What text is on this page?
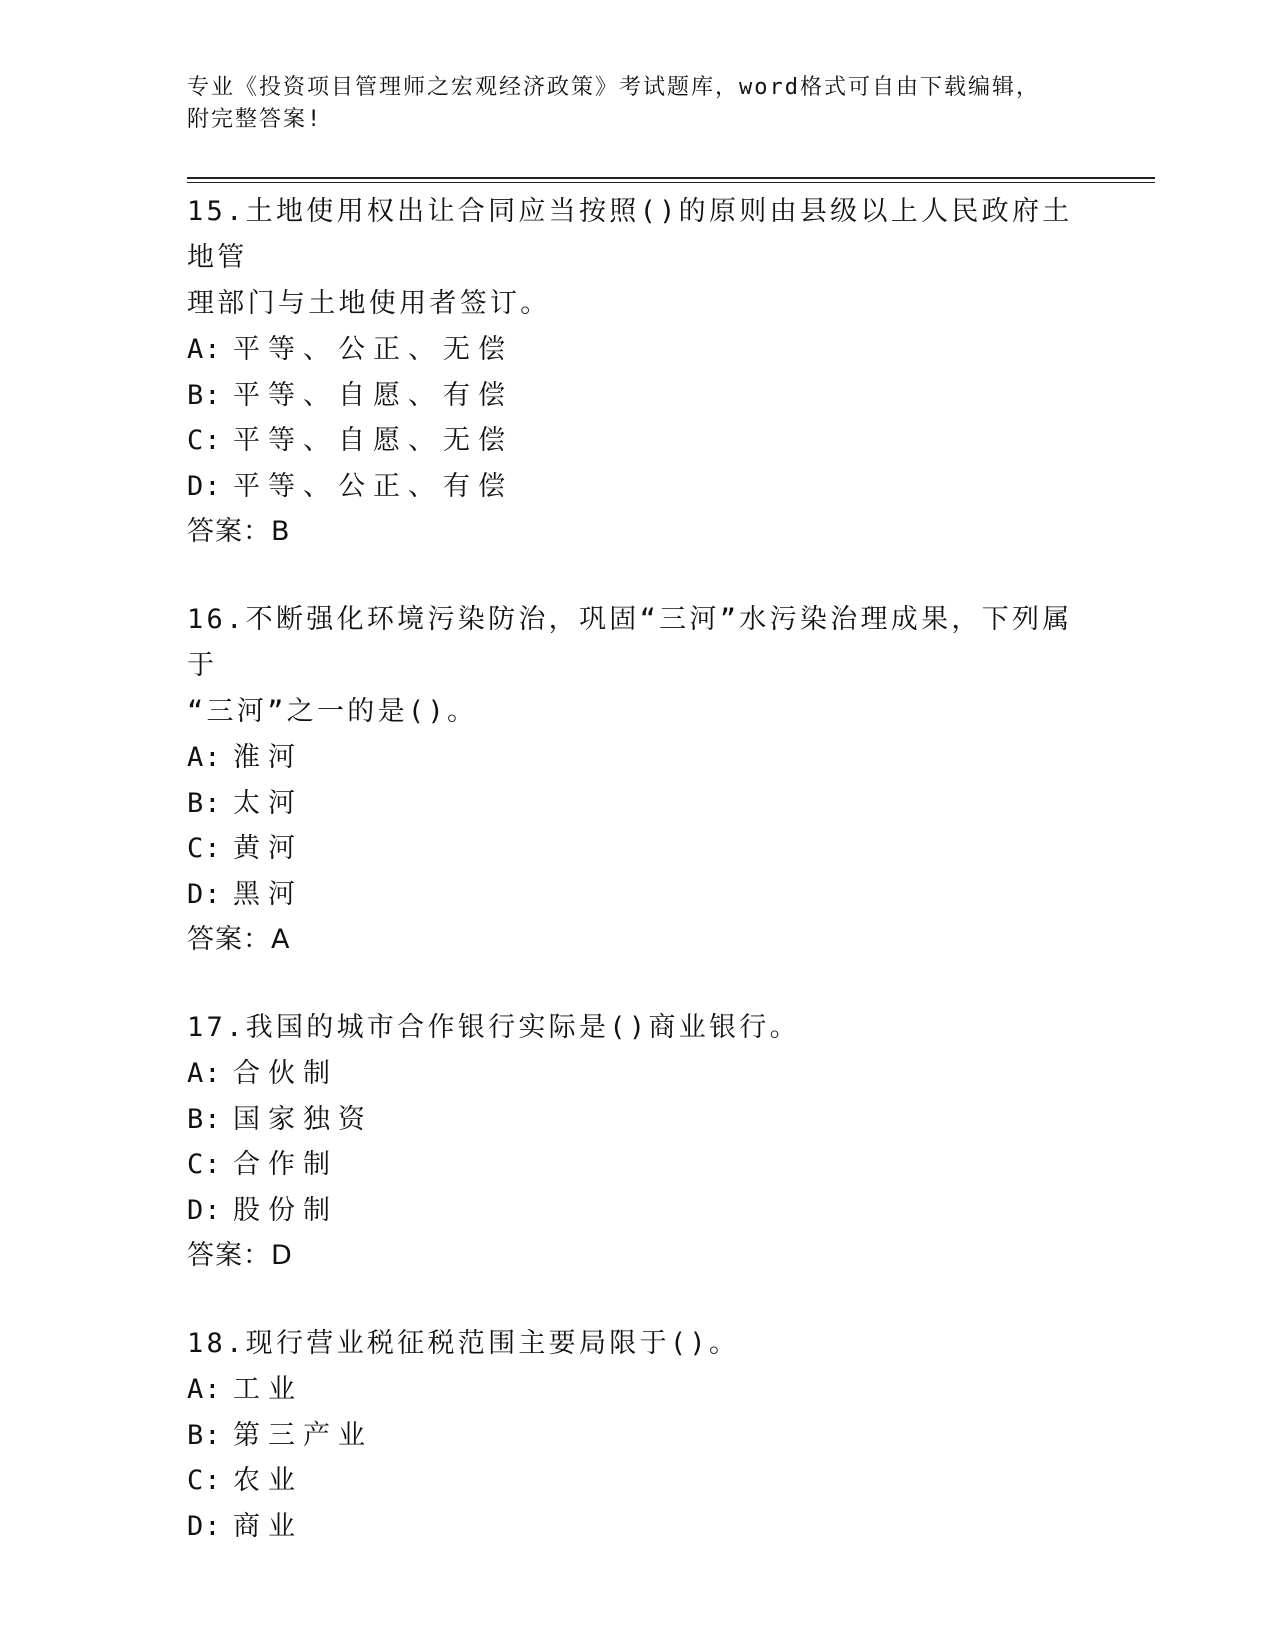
专业《投资项目管理师之宏观经济政策》考试题库，word格式可自由下载编辑，
附完整答案!

15.土地使用权出让合同应当按照()的原则由县级以上人民政府土地管

理部门与土地使用者签订。

A: 平等、公正、无偿
B: 平等、自愿、有偿
C: 平等、自愿、无偿
D: 平等、公正、有偿

答案：B

16.不断强化环境污染防治，巩固“三河”水污染治理成果，下列属于

“三河”之一的是()。

A: 淮河
B: 太河
C: 黄河
D: 黑河

答案：A

17.我国的城市合作银行实际是()商业银行。

A: 合伙制
B: 国家独资
C: 合作制
D: 股份制

答案：D

18.现行营业税征税范围主要局限于()。

A: 工业
B: 第三产业
C: 农业
D: 商业
